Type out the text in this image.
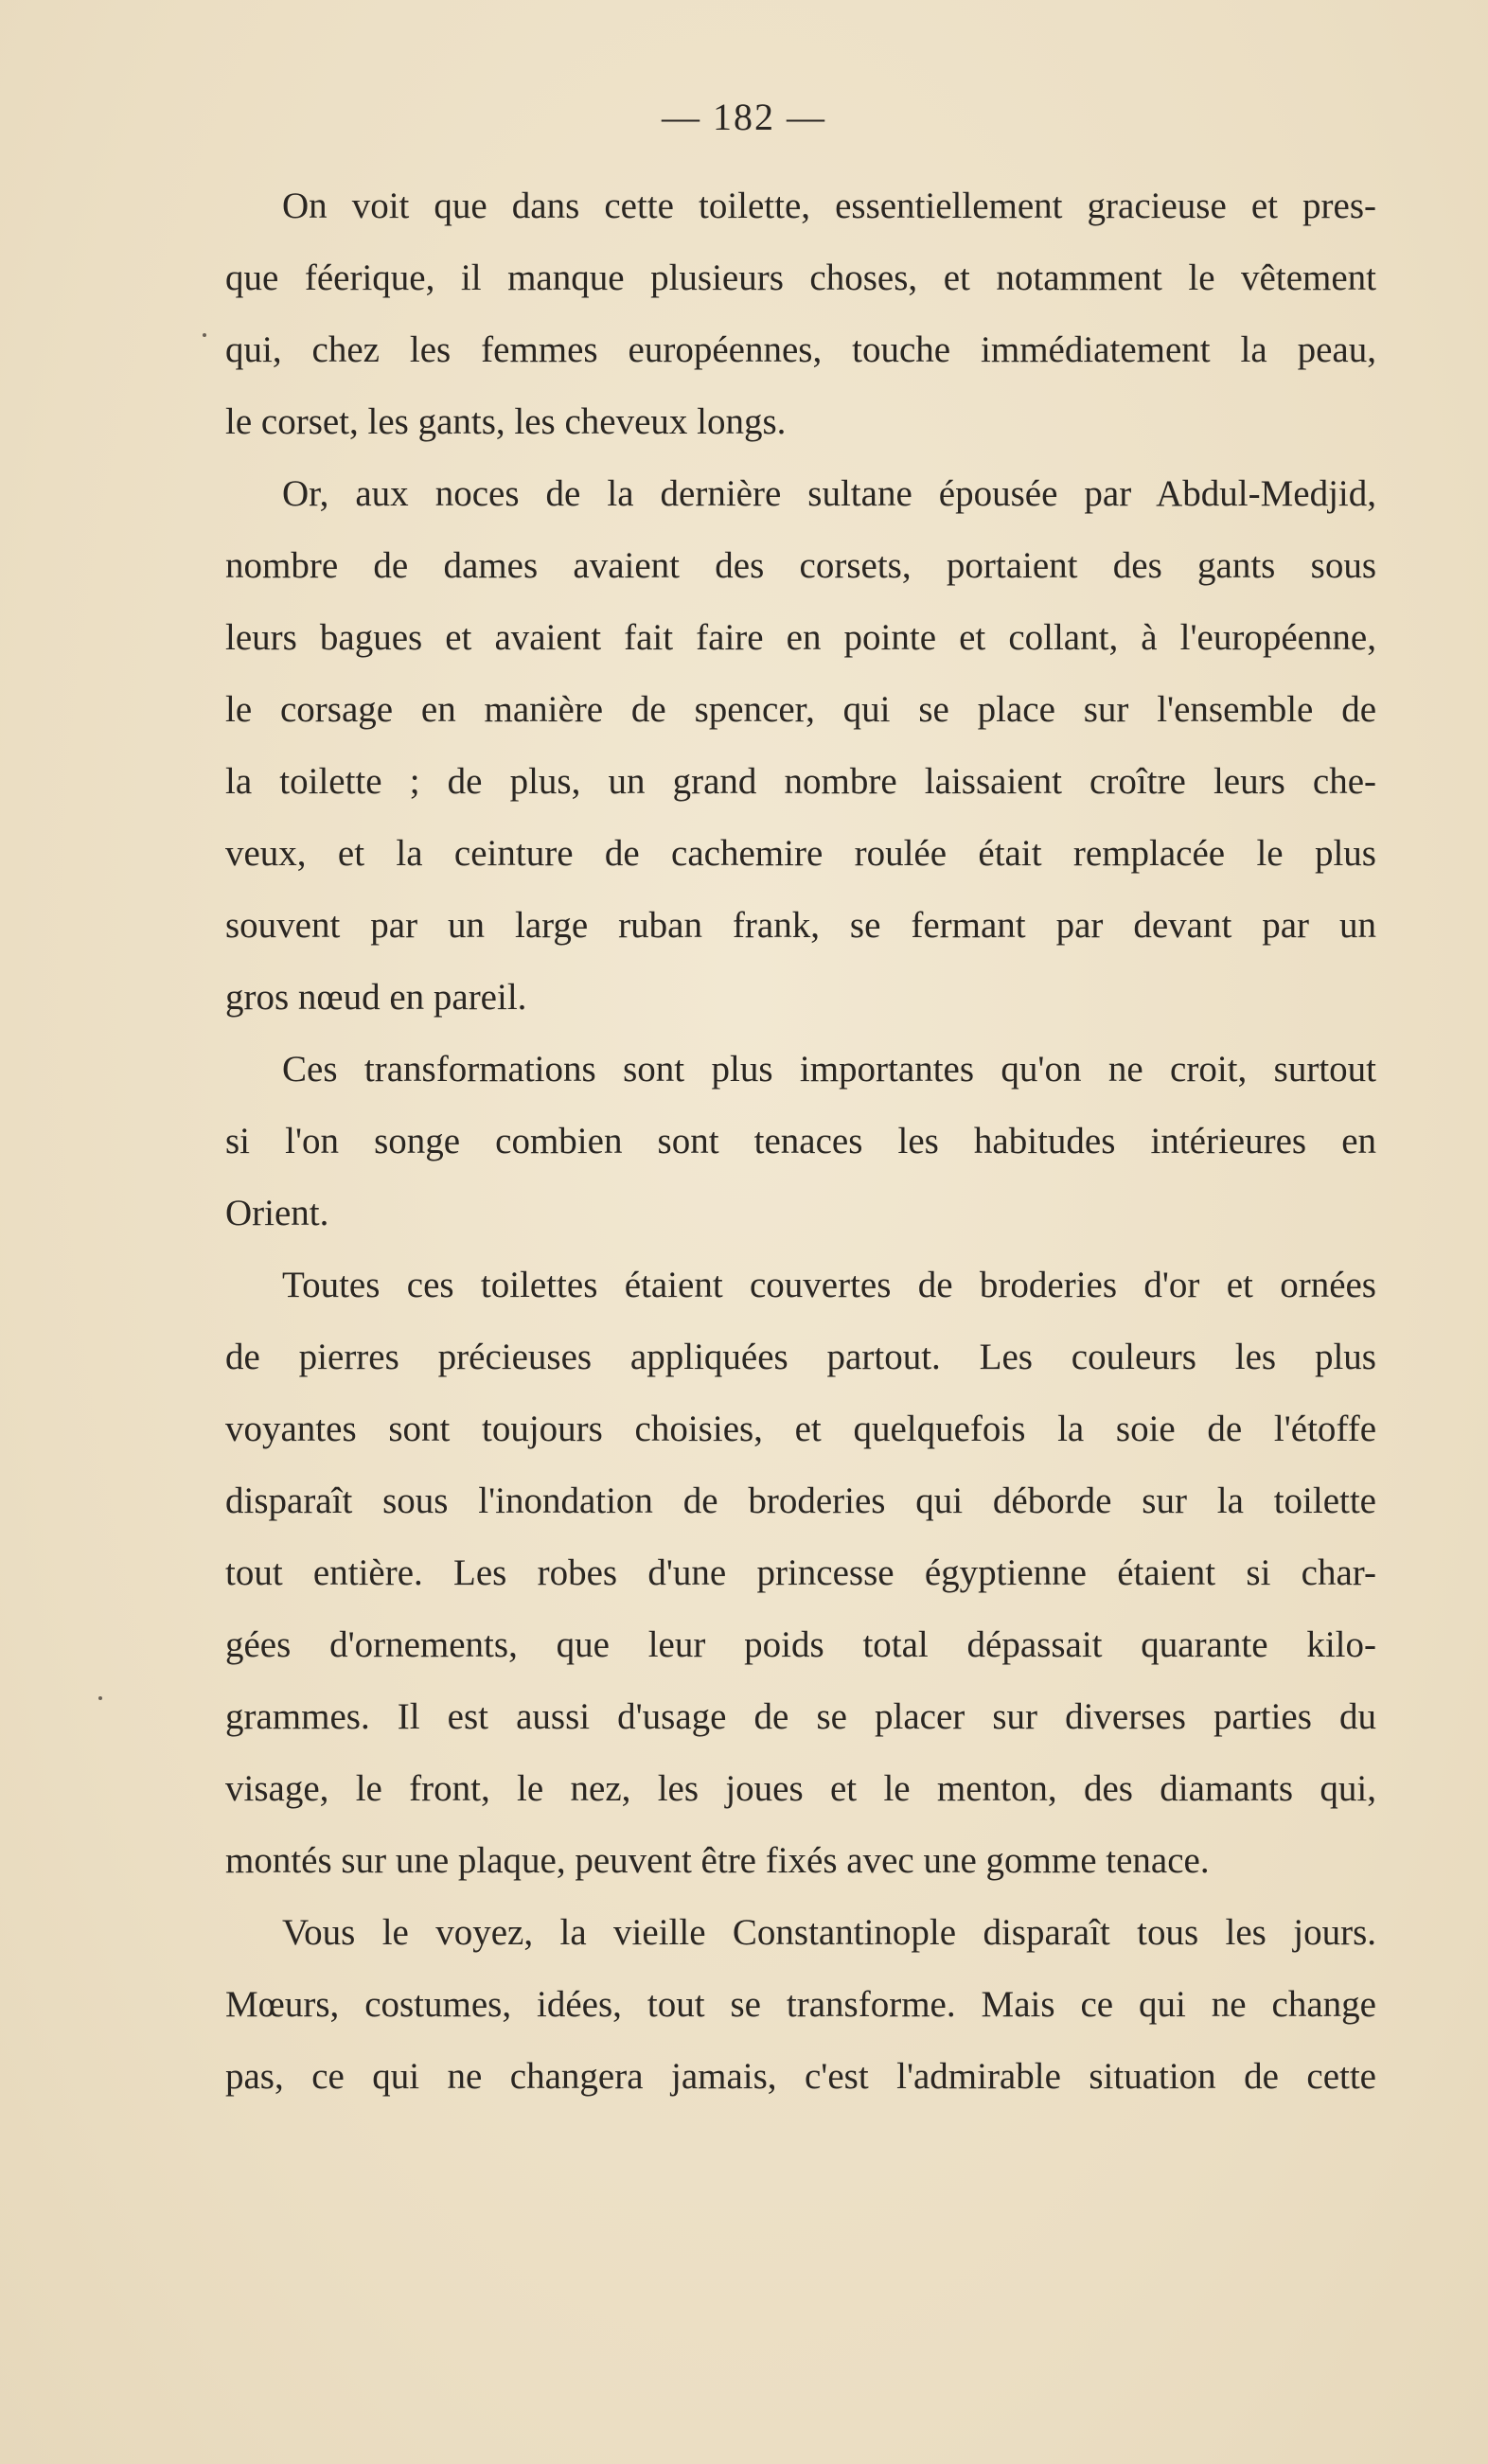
— 182 —
On voit que dans cette toilette, essentiellement gracieuse et pres-
que féerique, il manque plusieurs choses, et notamment le vêtement
qui, chez les femmes européennes, touche immédiatement la peau,
le corset, les gants, les cheveux longs.
Or, aux noces de la dernière sultane épousée par Abdul-Medjid,
nombre de dames avaient des corsets, portaient des gants sous
leurs bagues et avaient fait faire en pointe et collant, à l'européenne,
le corsage en manière de spencer, qui se place sur l'ensemble de
la toilette ; de plus, un grand nombre laissaient croître leurs che-
veux, et la ceinture de cachemire roulée était remplacée le plus
souvent par un large ruban frank, se fermant par devant par un
gros nœud en pareil.
Ces transformations sont plus importantes qu'on ne croit, surtout
si l'on songe combien sont tenaces les habitudes intérieures en
Orient.
Toutes ces toilettes étaient couvertes de broderies d'or et ornées
de pierres précieuses appliquées partout. Les couleurs les plus
voyantes sont toujours choisies, et quelquefois la soie de l'étoffe
disparaît sous l'inondation de broderies qui déborde sur la toilette
tout entière. Les robes d'une princesse égyptienne étaient si char-
gées d'ornements, que leur poids total dépassait quarante kilo-
grammes. Il est aussi d'usage de se placer sur diverses parties du
visage, le front, le nez, les joues et le menton, des diamants qui,
montés sur une plaque, peuvent être fixés avec une gomme tenace.
Vous le voyez, la vieille Constantinople disparaît tous les jours.
Mœurs, costumes, idées, tout se transforme. Mais ce qui ne change
pas, ce qui ne changera jamais, c'est l'admirable situation de cette
